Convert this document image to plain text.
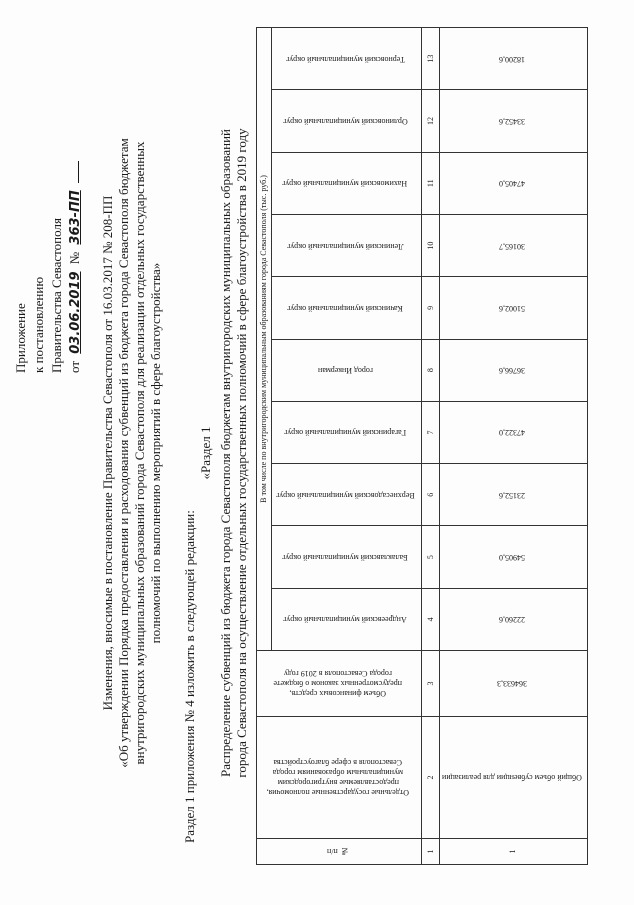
Приложение к постановлению Правительства Севастополя от 03.06.2019 № 363-ПП Изменения, вносимые в постановление Правительства Севастополя от 16.03.2017 № 208-ПП «Об утверждении Порядка предоставления и расходования субвенций из бюджета города Севастополя бюджетам внутригородских муниципальных образований города Севастополя для реализации отдельных государственных полномочий по выполнению мероприятий в сфере благоустройства»
Раздел 1 приложения № 4 изложить в следующей редакции:
«Раздел 1 Распределение субвенций из бюджета города Севастополя бюджетам внутригородских муниципальных образований города Севастополя на осуществление отдельных государственных полномочий в сфере благоустройства в 2019 году
№ п/п	Отдельные государственные полномочия, предоставляемые внутригородским муниципальным образованиям города Севастополя в сфере благоустройства	Объем финансовых средств, предусмотренных законом о бюджете города Севастополя в 2019 году	В том числе по внутригородским муниципальным образованиям города Севастополя (тыс. руб.)									
			Андреевский муниципальный округ	Балаклавский муниципальный округ	Верхнесадовский муниципальный округ	Гагаринский муниципальный округ	город Инкерман	Качинский муниципальный округ	Ленинский муниципальный округ	Нахимовский муниципальный округ	Орлиновский муниципальный округ	Терновский муниципальный округ
1	2	3	4	5	6	7	8	9	10	11	12	13
1	Общий объем субвенции для реализации	364633,3	22260,6	54905,0	23152,6	47322,0	36766,6	51002,6	30165,7	47405,0	33452,6	18200,6
